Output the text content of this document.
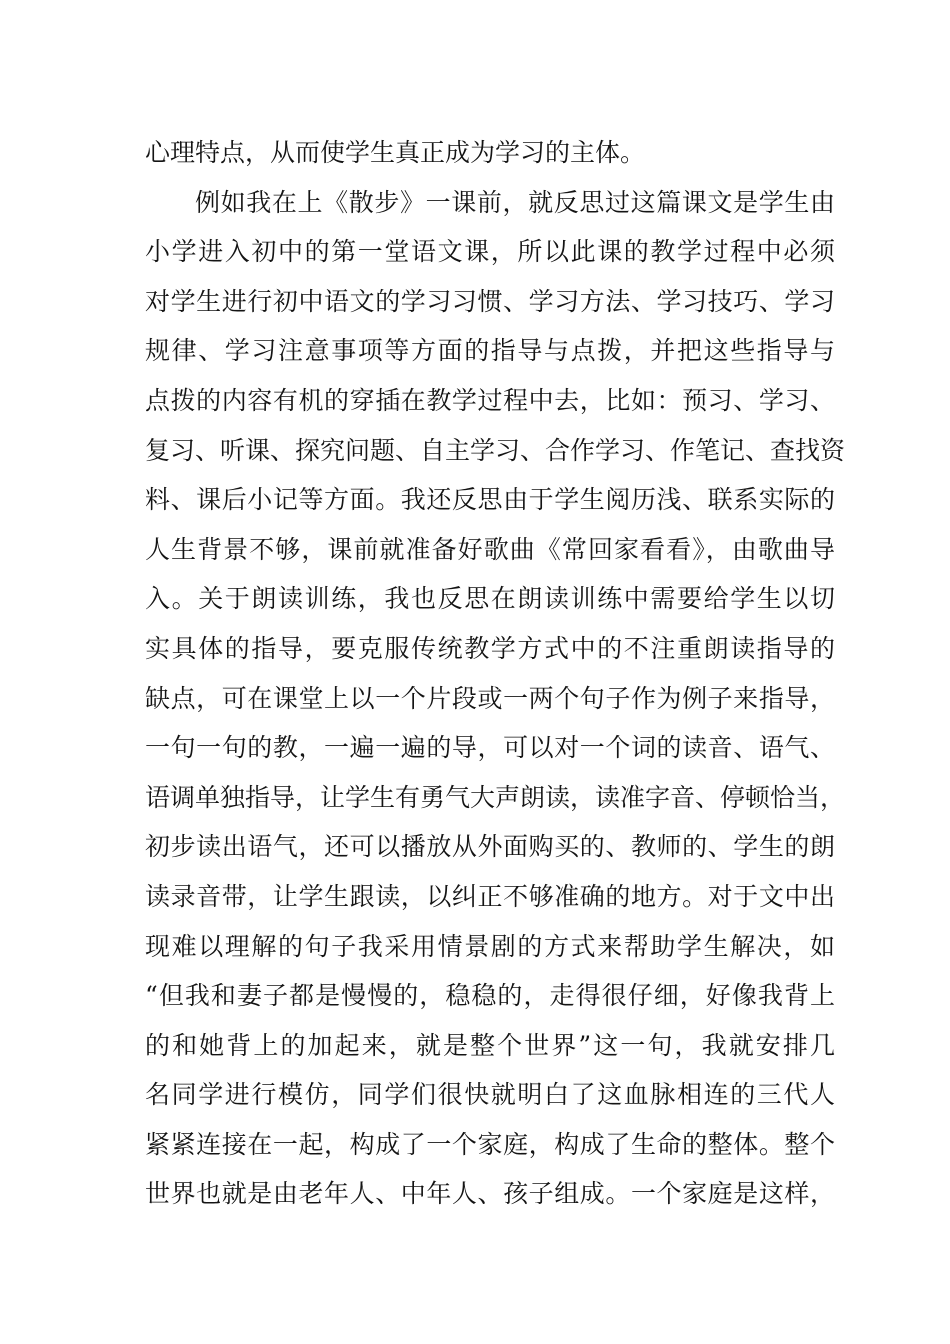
心理特点，从而使学生真正成为学习的主体。
例如我在上《散步》一课前，就反思过这篇课文是学生由
小学进入初中的第一堂语文课，所以此课的教学过程中必须
对学生进行初中语文的学习习惯、学习方法、学习技巧、学习
规律、学习注意事项等方面的指导与点拨，并把这些指导与
点拨的内容有机的穿插在教学过程中去，比如：预习、学习、
复习、听课、探究问题、自主学习、合作学习、作笔记、查找资
料、课后小记等方面。我还反思由于学生阅历浅、联系实际的
人生背景不够，课前就准备好歌曲《常回家看看》，由歌曲导
入。关于朗读训练，我也反思在朗读训练中需要给学生以切
实具体的指导，要克服传统教学方式中的不注重朗读指导的
缺点，可在课堂上以一个片段或一两个句子作为例子来指导，
一句一句的教，一遍一遍的导，可以对一个词的读音、语气、
语调单独指导，让学生有勇气大声朗读，读准字音、停顿恰当，
初步读出语气，还可以播放从外面购买的、教师的、学生的朗
读录音带，让学生跟读，以纠正不够准确的地方。对于文中出
现难以理解的句子我采用情景剧的方式来帮助学生解决，如
“但我和妻子都是慢慢的，稳稳的，走得很仔细，好像我背上
的和她背上的加起来，就是整个世界”这一句，我就安排几
名同学进行模仿，同学们很快就明白了这血脉相连的三代人
紧紧连接在一起，构成了一个家庭，构成了生命的整体。整个
世界也就是由老年人、中年人、孩子组成。一个家庭是这样，
